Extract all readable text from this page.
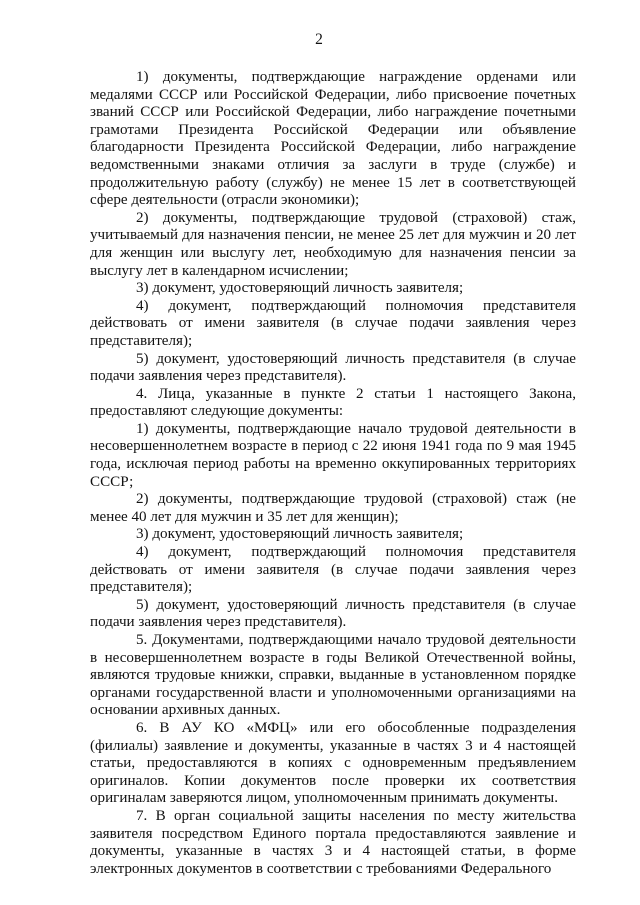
2

1) документы, подтверждающие награждение орденами или медалями СССР или Российской Федерации, либо присвоение почетных званий СССР или Российской Федерации, либо награждение почетными грамотами Президента Российской Федерации или объявление благодарности Президента Российской Федерации, либо награждение ведомственными знаками отличия за заслуги в труде (службе) и продолжительную работу (службу) не менее 15 лет в соответствующей сфере деятельности (отрасли экономики);

2) документы, подтверждающие трудовой (страховой) стаж, учитываемый для назначения пенсии, не менее 25 лет для мужчин и 20 лет для женщин или выслугу лет, необходимую для назначения пенсии за выслугу лет в календарном исчислении;

3) документ, удостоверяющий личность заявителя;

4) документ, подтверждающий полномочия представителя действовать от имени заявителя (в случае подачи заявления через представителя);

5) документ, удостоверяющий личность представителя (в случае подачи заявления через представителя).

4. Лица, указанные в пункте 2 статьи 1 настоящего Закона, предоставляют следующие документы:

1) документы, подтверждающие начало трудовой деятельности в несовершеннолетнем возрасте в период с 22 июня 1941 года по 9 мая 1945 года, исключая период работы на временно оккупированных территориях СССР;

2) документы, подтверждающие трудовой (страховой) стаж (не менее 40 лет для мужчин и 35 лет для женщин);

3) документ, удостоверяющий личность заявителя;

4) документ, подтверждающий полномочия представителя действовать от имени заявителя (в случае подачи заявления через представителя);

5) документ, удостоверяющий личность представителя (в случае подачи заявления через представителя).

5. Документами, подтверждающими начало трудовой деятельности в несовершеннолетнем возрасте в годы Великой Отечественной войны, являются трудовые книжки, справки, выданные в установленном порядке органами государственной власти и уполномоченными организациями на основании архивных данных.

6. В АУ КО «МФЦ» или его обособленные подразделения (филиалы) заявление и документы, указанные в частях 3 и 4 настоящей статьи, предоставляются в копиях с одновременным предъявлением оригиналов. Копии документов после проверки их соответствия оригиналам заверяются лицом, уполномоченным принимать документы.

7. В орган социальной защиты населения по месту жительства заявителя посредством Единого портала предоставляются заявление и документы, указанные в частях 3 и 4 настоящей статьи, в форме электронных документов в соответствии с требованиями Федерального
